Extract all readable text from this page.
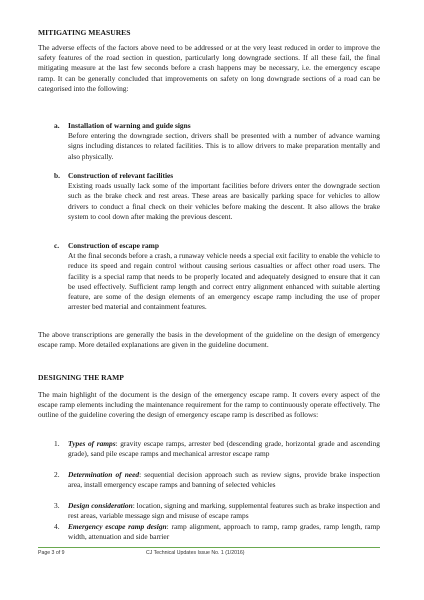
MITIGATING MEASURES

The adverse effects of the factors above need to be addressed or at the very least reduced in order to improve the safety features of the road section in question, particularly long downgrade sections. If all these fail, the final mitigating measure at the last few seconds before a crash happens may be necessary, i.e. the emergency escape ramp. It can be generally concluded that improvements on safety on long downgrade sections of a road can be categorised into the following:

a. Installation of warning and guide signs

Before entering the downgrade section, drivers shall be presented with a number of advance warning signs including distances to related facilities. This is to allow drivers to make preparation mentally and also physically.

b. Construction of relevant facilities

Existing roads usually lack some of the important facilities before drivers enter the downgrade section such as the brake check and rest areas. These areas are basically parking space for vehicles to allow drivers to conduct a final check on their vehicles before making the descent. It also allows the brake system to cool down after making the previous descent.

c. Construction of escape ramp

At the final seconds before a crash, a runaway vehicle needs a special exit facility to enable the vehicle to reduce its speed and regain control without causing serious casualties or affect other road users. The facility is a special ramp that needs to be properly located and adequately designed to ensure that it can be used effectively. Sufficient ramp length and correct entry alignment enhanced with suitable alerting feature, are some of the design elements of an emergency escape ramp including the use of proper arrester bed material and containment features.

The above transcriptions are generally the basis in the development of the guideline on the design of emergency escape ramp. More detailed explanations are given in the guideline document.

DESIGNING THE RAMP

The main highlight of the document is the design of the emergency escape ramp. It covers every aspect of the escape ramp elements including the maintenance requirement for the ramp to continuously operate effectively. The outline of the guideline covering the design of emergency escape ramp is described as follows:

1. Types of ramps: gravity escape ramps, arrester bed (descending grade, horizontal grade and ascending grade), sand pile escape ramps and mechanical arrestor escape ramp

2. Determination of need: sequential decision approach such as review signs, provide brake inspection area, install emergency escape ramps and banning of selected vehicles

3. Design consideration: location, signing and marking, supplemental features such as brake inspection and rest areas, variable message sign and misuse of escape ramps

4. Emergency escape ramp design: ramp alignment, approach to ramp, ramp grades, ramp length, ramp width, attenuation and side barrier

Page 3 of 9	CJ Technical Updates Issue No. 1 (1/2016)
